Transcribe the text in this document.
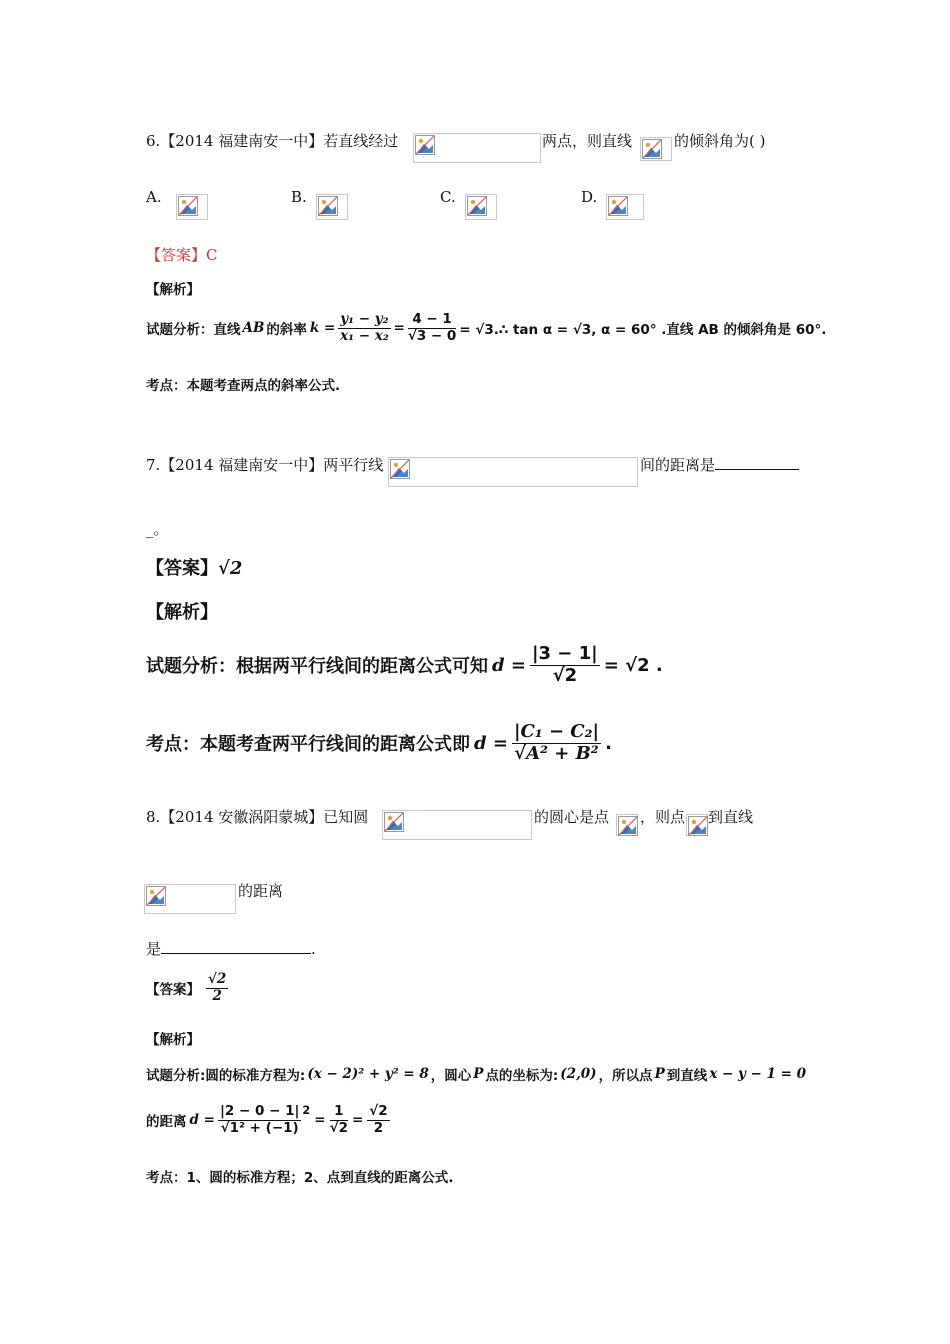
6.【2014 福建南安一中】若直线经过	两点，则直线	的倾斜角为( )
A.	B.	C.	D.
【答案】C
【解析】
试题分析：直线 AB 的斜率 $k = \frac{\text{y₁ − y₂}}{\text{x₁ − x₂}} = \frac{4 - 1}{√3 - 0}$ = √3.∴ tan α = √3, α = 60° .直线 AB 的倾斜角是 60°.
考点：本题考查两点的斜率公式.
7.【2014 福建南安一中】两平行线	间的距离是
_。
【答案】√2
【解析】
试题分析：根据两平行线间的距离公式可知 $d = \frac{|3 - 1|}{√2} = √2$ .
考点：本题考查两平行线间的距离公式即 $d = \frac{\text{|C₁ − C₂|}}{\text{√A² + B²}}$ .
8.【2014 安徽涡阳蒙城】已知圆	的圆心是点 ，则点 到直线
的距离
是	.
【答案】 $\frac{√2}{2}$
【解析】
试题分析:圆的标准方程为: (x − 2)² + y² = 8 ，圆心 P 点的坐标为: (2,0) ，所以点 P 到直线 x − y − 1 = 0
的距离 $d = \frac{|2 - 0 - 1|}{\text{√1² + (−1)}}^2$
= $\frac{1}{√2} = \frac{√2}{2}$
考点：1、圆的标准方程；2、点到直线的距离公式.
